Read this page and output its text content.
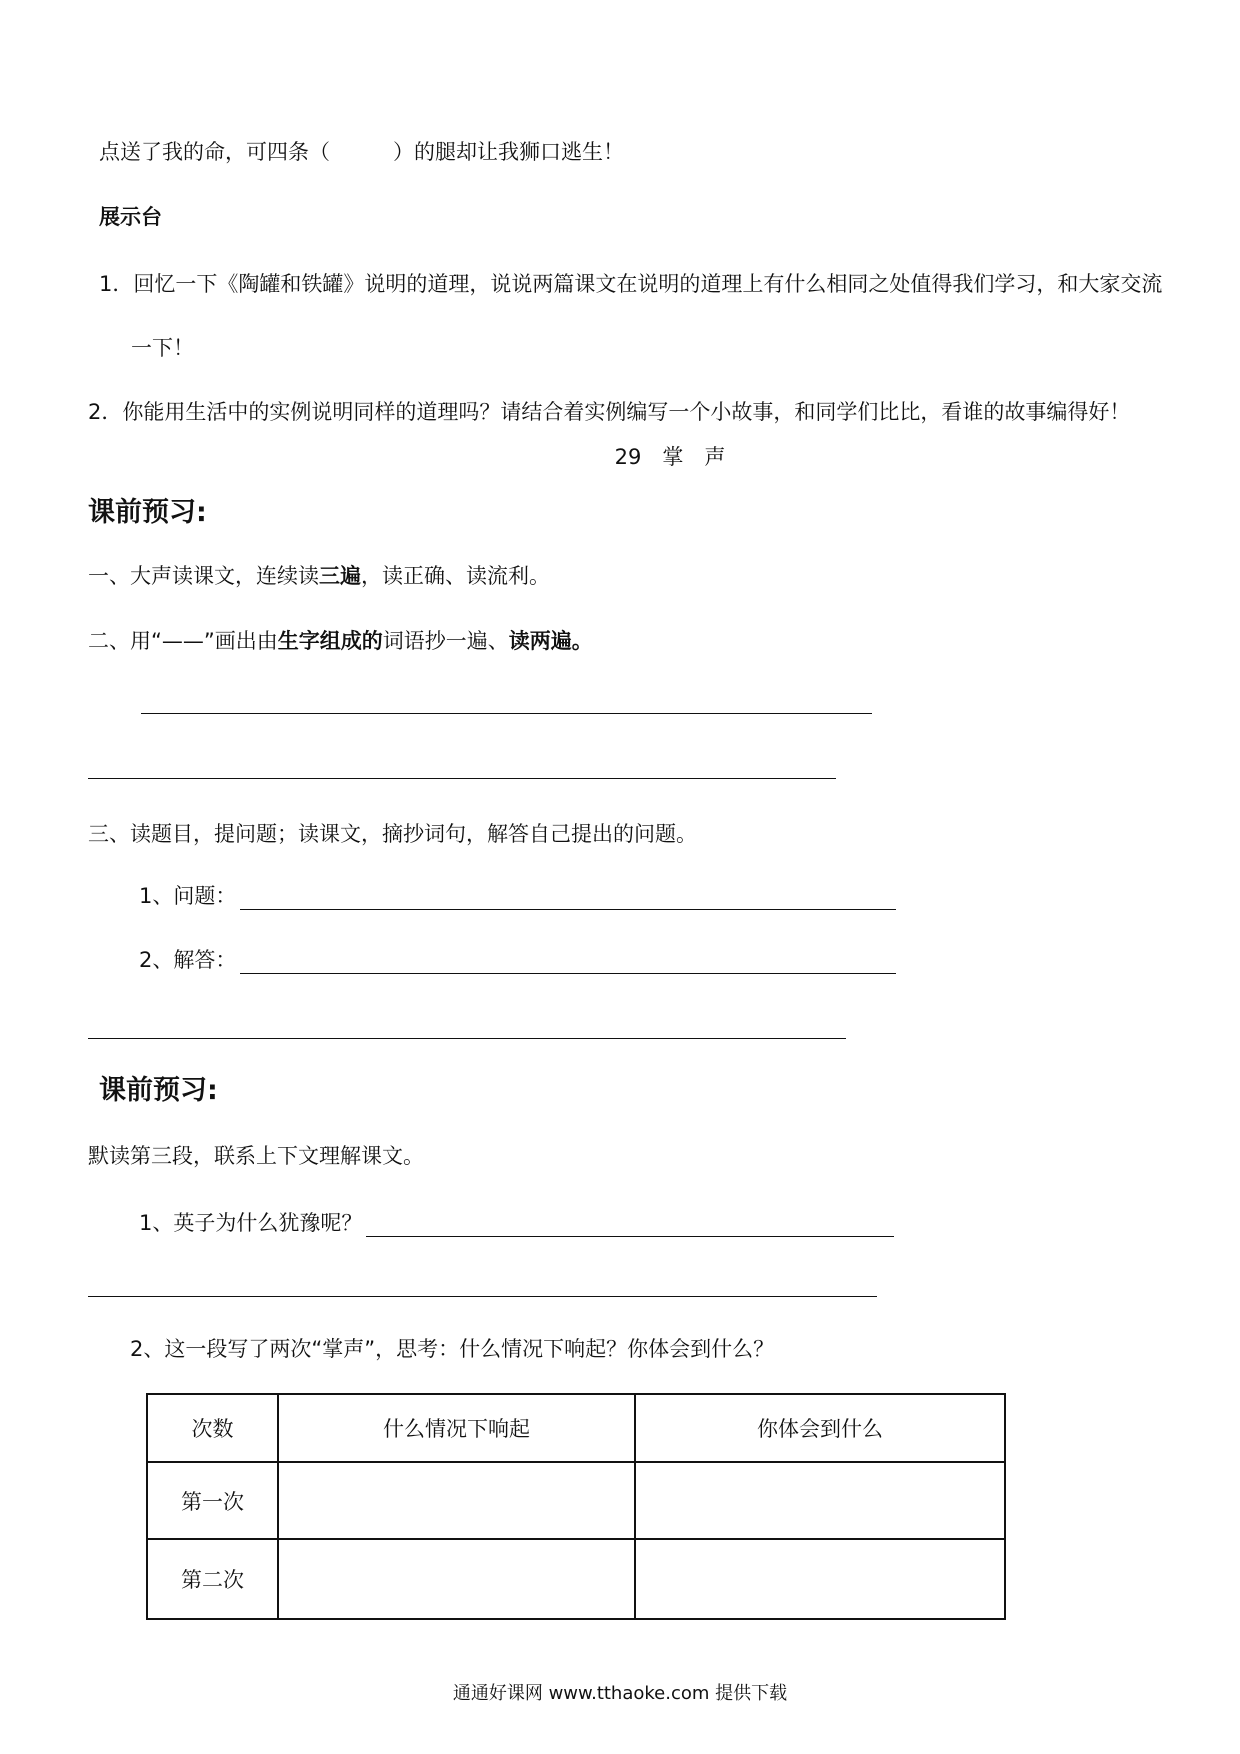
点送了我的命，可四条（　　　	）的腿却让我狮口逃生！
展示台
1．回忆一下《陶罐和铁罐》说明的道理，说说两篇课文在说明的道理上有什么相同之处值得我们学习，和大家交流
一下！
2．你能用生活中的实例说明同样的道理吗？请结合着实例编写一个小故事，和同学们比比，看谁的故事编得好！
29　掌　声
课前预习:
一、大声读课文，连续读三遍，读正确、读流利。
二、用“——”画出由生字组成的词语抄一遍、读两遍。
三、读题目，提问题；读课文，摘抄词句，解答自己提出的问题。
1、问题：
2、解答：
课前预习:
默读第三段，联系上下文理解课文。
1、英子为什么犹豫呢？
2、这一段写了两次“掌声”，思考：什么情况下响起？你体会到什么？
次数	什么情况下响起	你体会到什么
第一次		
第二次		
通通好课网 www.tthaoke.com 提供下载
